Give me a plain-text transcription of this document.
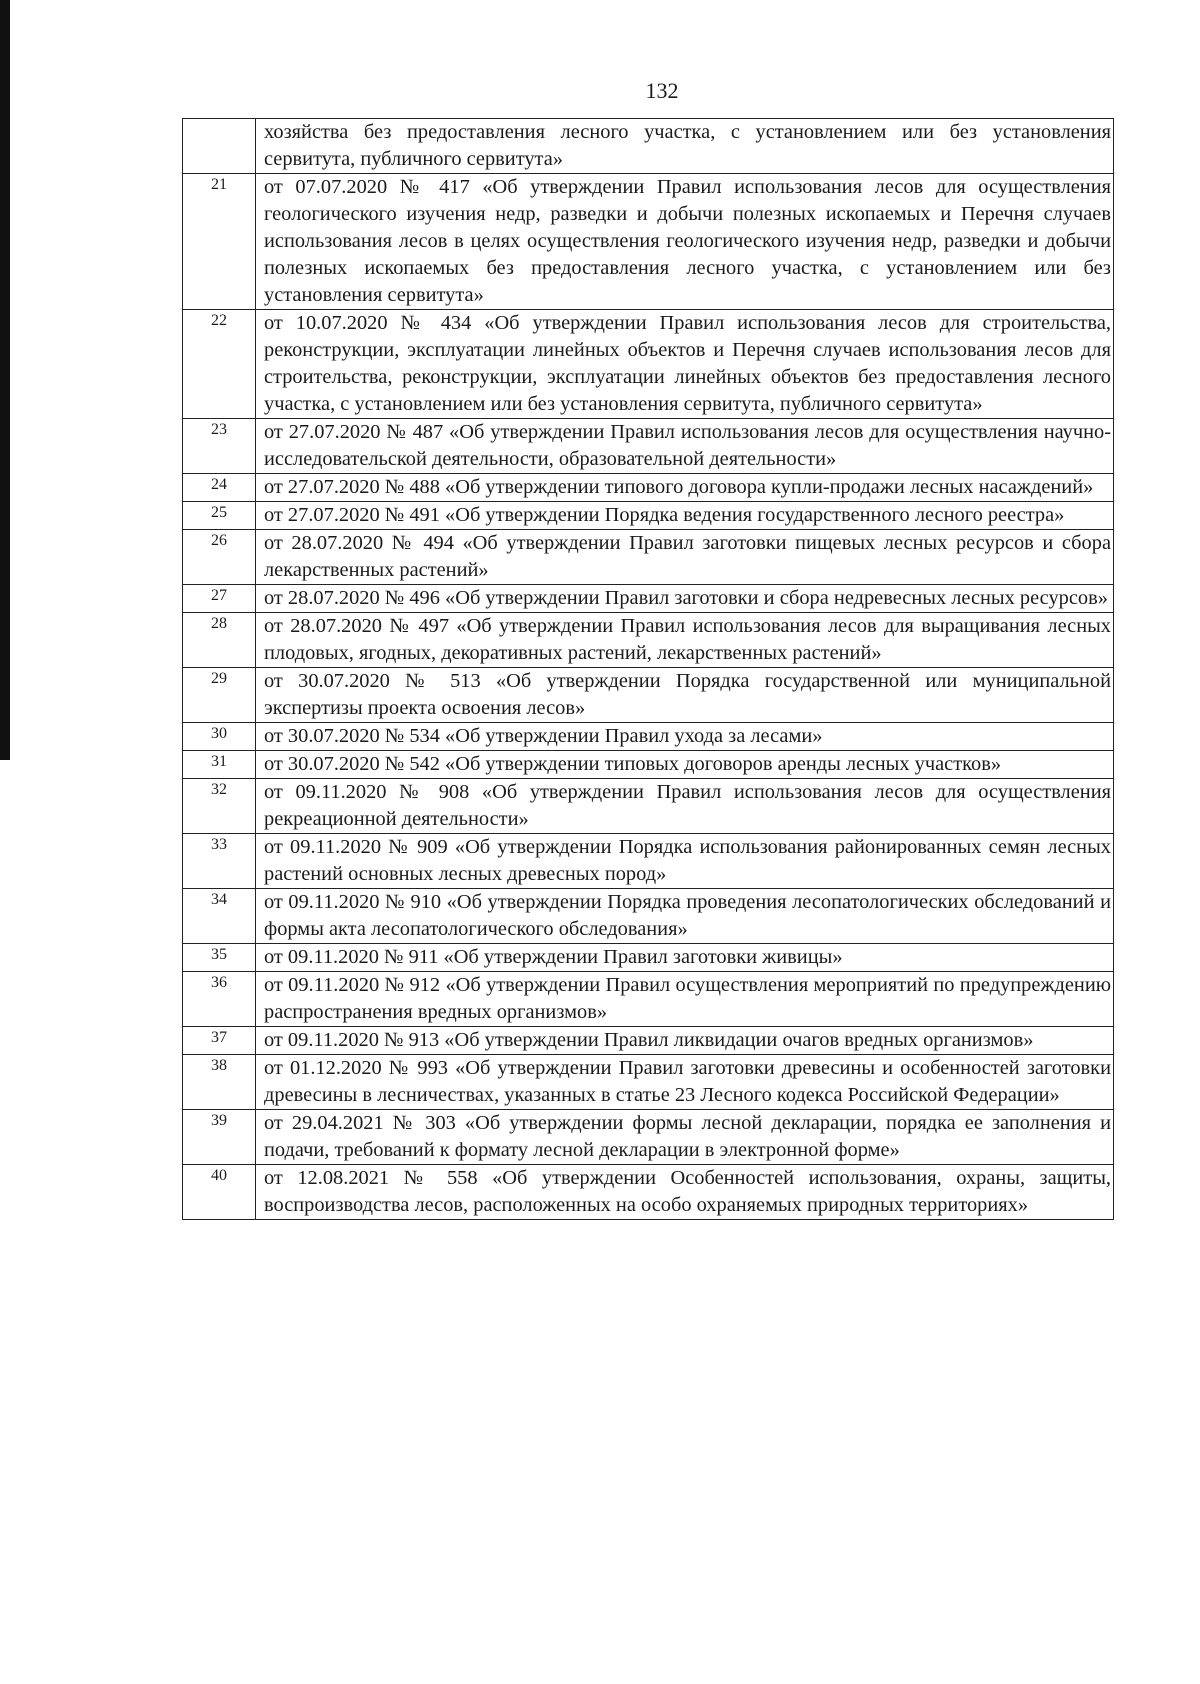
132
	хозяйства без предоставления лесного участка, с установлением или без установления сервитута, публичного сервитута»
21	от 07.07.2020 № 417 «Об утверждении Правил использования лесов для осуществления геологического изучения недр, разведки и добычи полезных ископаемых и Перечня случаев использования лесов в целях осуществления геологического изучения недр, разведки и добычи полезных ископаемых без предоставления лесного участка, с установлением или без установления сервитута»
22	от 10.07.2020 № 434 «Об утверждении Правил использования лесов для строительства, реконструкции, эксплуатации линейных объектов и Перечня случаев использования лесов для строительства, реконструкции, эксплуатации линейных объектов без предоставления лесного участка, с установлением или без установления сервитута, публичного сервитута»
23	от 27.07.2020 № 487 «Об утверждении Правил использования лесов для осуществления научно-исследовательской деятельности, образовательной деятельности»
24	от 27.07.2020 № 488 «Об утверждении типового договора купли-продажи лесных насаждений»
25	от 27.07.2020 № 491 «Об утверждении Порядка ведения государственного лесного реестра»
26	от 28.07.2020 № 494 «Об утверждении Правил заготовки пищевых лесных ресурсов и сбора лекарственных растений»
27	от 28.07.2020 № 496 «Об утверждении Правил заготовки и сбора недревесных лесных ресурсов»
28	от 28.07.2020 № 497 «Об утверждении Правил использования лесов для выращивания лесных плодовых, ягодных, декоративных растений, лекарственных растений»
29	от 30.07.2020 № 513 «Об утверждении Порядка государственной или муниципальной экспертизы проекта освоения лесов»
30	от 30.07.2020 № 534 «Об утверждении Правил ухода за лесами»
31	от 30.07.2020 № 542 «Об утверждении типовых договоров аренды лесных участков»
32	от 09.11.2020 № 908 «Об утверждении Правил использования лесов для осуществления рекреационной деятельности»
33	от 09.11.2020 № 909 «Об утверждении Порядка использования районированных семян лесных растений основных лесных древесных пород»
34	от 09.11.2020 № 910 «Об утверждении Порядка проведения лесопатологических обследований и формы акта лесопатологического обследования»
35	от 09.11.2020 № 911 «Об утверждении Правил заготовки живицы»
36	от 09.11.2020 № 912 «Об утверждении Правил осуществления мероприятий по предупреждению распространения вредных организмов»
37	от 09.11.2020 № 913 «Об утверждении Правил ликвидации очагов вредных организмов»
38	от 01.12.2020 № 993 «Об утверждении Правил заготовки древесины и особенностей заготовки древесины в лесничествах, указанных в статье 23 Лесного кодекса Российской Федерации»
39	от 29.04.2021 № 303 «Об утверждении формы лесной декларации, порядка ее заполнения и подачи, требований к формату лесной декларации в электронной форме»
40	от 12.08.2021 № 558 «Об утверждении Особенностей использования, охраны, защиты, воспроизводства лесов, расположенных на особо охраняемых природных территориях»
